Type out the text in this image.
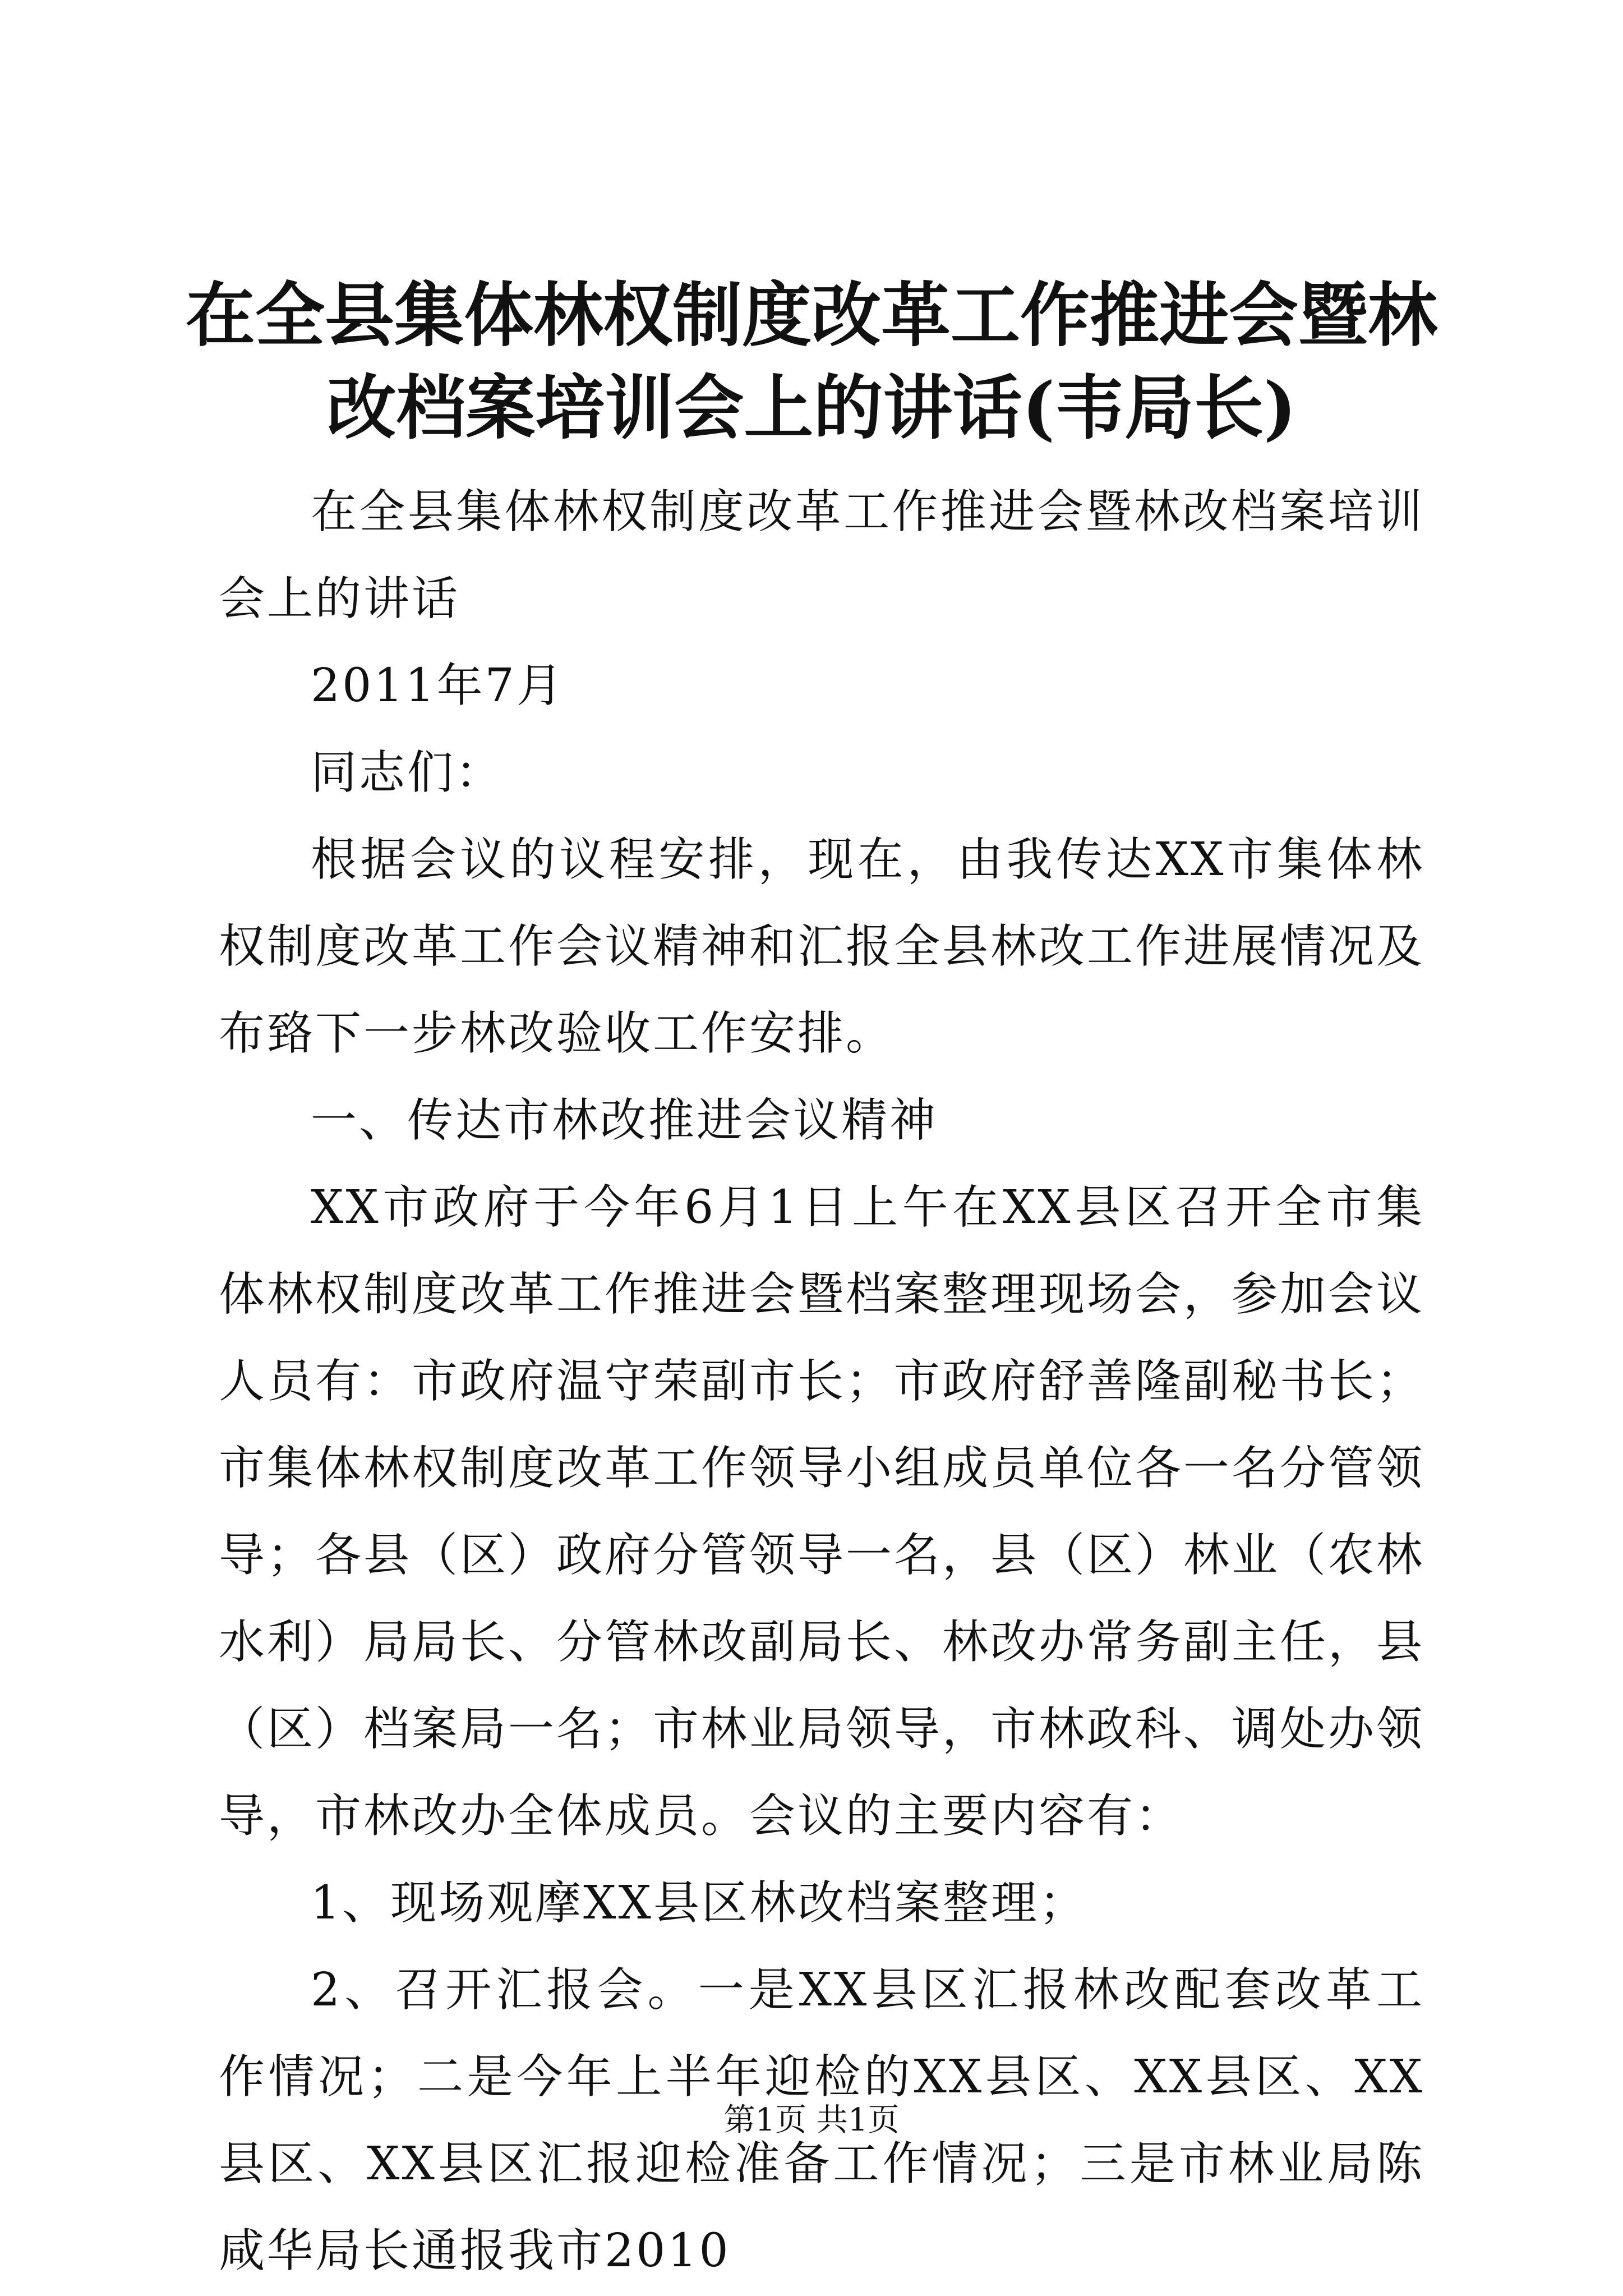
在全县集体林权制度改革工作推进会暨林改档案培训会上的讲话(韦局长)

在全县集体林权制度改革工作推进会暨林改档案培训会上的讲话

2011年7月

同志们：

根据会议的议程安排，现在，由我传达XX市集体林权制度改革工作会议精神和汇报全县林改工作进展情况及布臵下一步林改验收工作安排。

一、传达市林改推进会议精神

XX市政府于今年6月1日上午在XX县区召开全市集体林权制度改革工作推进会暨档案整理现场会，参加会议人员有：市政府温守荣副市长；市政府舒善隆副秘书长；市集体林权制度改革工作领导小组成员单位各一名分管领导；各县（区）政府分管领导一名，县（区）林业（农林水利）局局长、分管林改副局长、林改办常务副主任，县（区）档案局一名；市林业局领导，市林政科、调处办领导，市林改办全体成员。会议的主要内容有：

1、现场观摩XX县区林改档案整理；

2、召开汇报会。一是XX县区汇报林改配套改革工作情况；二是今年上半年迎检的XX县区、XX县区、XX县区、XX县区汇报迎检准备工作情况；三是市林业局陈咸华局长通报我市2010

第1页 共1页
